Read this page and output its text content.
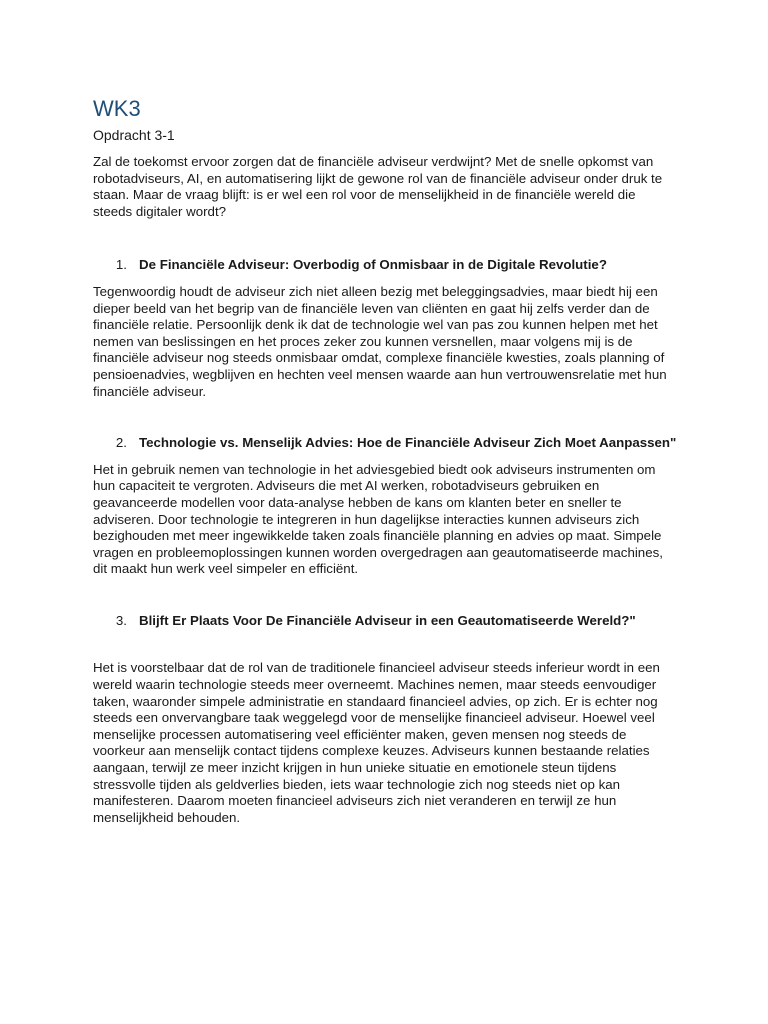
WK3
Opdracht 3-1

Zal de toekomst ervoor zorgen dat de financiële adviseur verdwijnt? Met de snelle opkomst van robotadviseurs, AI, en automatisering lijkt de gewone rol van de financiële adviseur onder druk te staan. Maar de vraag blijft: is er wel een rol voor de menselijkheid in de financiële wereld die steeds digitaler wordt?

1. De Financiële Adviseur: Overbodig of Onmisbaar in de Digitale Revolutie?

Tegenwoordig houdt de adviseur zich niet alleen bezig met beleggingsadvies, maar biedt hij een dieper beeld van het begrip van de financiële leven van cliënten en gaat hij zelfs verder dan de financiële relatie. Persoonlijk denk ik dat de technologie wel van pas zou kunnen helpen met het nemen van beslissingen en het proces zeker zou kunnen versnellen, maar volgens mij is de financiële adviseur nog steeds onmisbaar omdat, complexe financiële kwesties, zoals planning of pensioenadvies, wegblijven en hechten veel mensen waarde aan hun vertrouwensrelatie met hun financiële adviseur.

2. Technologie vs. Menselijk Advies: Hoe de Financiële Adviseur Zich Moet Aanpassen"

Het in gebruik nemen van technologie in het adviesgebied biedt ook adviseurs instrumenten om hun capaciteit te vergroten. Adviseurs die met AI werken, robotadviseurs gebruiken en geavanceerde modellen voor data-analyse hebben de kans om klanten beter en sneller te adviseren. Door technologie te integreren in hun dagelijkse interacties kunnen adviseurs zich bezighouden met meer ingewikkelde taken zoals financiële planning en advies op maat. Simpele vragen en probleemoplossingen kunnen worden overgedragen aan geautomatiseerde machines, dit maakt hun werk veel simpeler en efficiënt.

3. Blijft Er Plaats Voor De Financiële Adviseur in een Geautomatiseerde Wereld?"

Het is voorstelbaar dat de rol van de traditionele financieel adviseur steeds inferieur wordt in een wereld waarin technologie steeds meer overneemt. Machines nemen, maar steeds eenvoudiger taken, waaronder simpele administratie en standaard financieel advies, op zich. Er is echter nog steeds een onvervangbare taak weggelegd voor de menselijke financieel adviseur. Hoewel veel menselijke processen automatisering veel efficiënter maken, geven mensen nog steeds de voorkeur aan menselijk contact tijdens complexe keuzes. Adviseurs kunnen bestaande relaties aangaan, terwijl ze meer inzicht krijgen in hun unieke situatie en emotionele steun tijdens stressvolle tijden als geldverlies bieden, iets waar technologie zich nog steeds niet op kan manifesteren. Daarom moeten financieel adviseurs zich niet veranderen en terwijl ze hun menselijkheid behouden.
